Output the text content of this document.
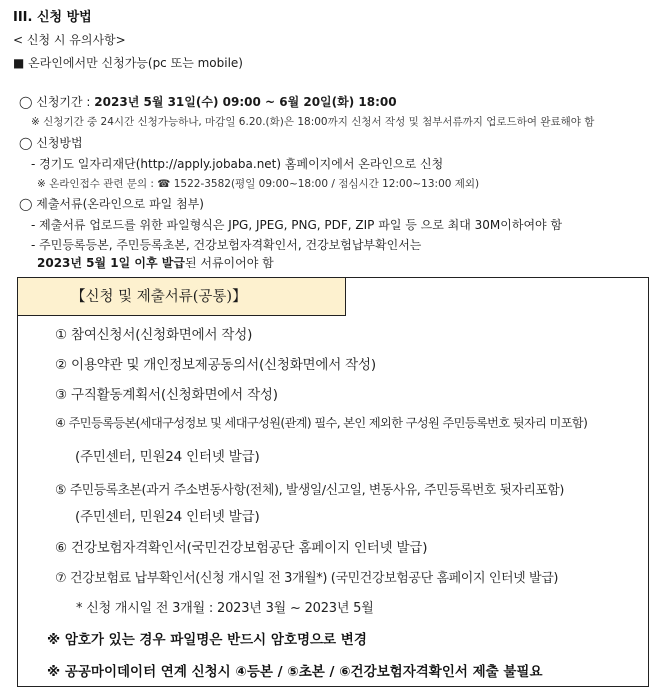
III. 신청 방법
< 신청 시 유의사항>
■ 온라인에서만 신청가능(pc 또는 mobile)
◯ 신청기간 : 2023년 5월 31일(수) 09:00 ~ 6월 20일(화) 18:00
※ 신청기간 중 24시간 신청가능하나, 마감일 6.20.(화)은 18:00까지 신청서 작성 및 첨부서류까지 업로드하여 완료해야 함
◯ 신청방법
- 경기도 일자리재단(http://apply.jobaba.net) 홈페이지에서 온라인으로 신청
※ 온라인접수 관련 문의 : ☎ 1522-3582(평일 09:00~18:00 / 점심시간 12:00~13:00 제외)
◯ 제출서류(온라인으로 파일 첨부)
- 제출서류 업로드를 위한 파일형식은 JPG, JPEG, PNG, PDF, ZIP 파일 등 으로 최대 30M이하여야 함
- 주민등록등본, 주민등록초본, 건강보험자격확인서, 건강보험납부확인서는
2023년 5월 1일 이후 발급된 서류이어야 함
【신청 및 제출서류(공통)】
① 참여신청서(신청화면에서 작성)
② 이용약관 및 개인정보제공동의서(신청화면에서 작성)
③ 구직활동계획서(신청화면에서 작성)
④ 주민등록등본(세대구성정보 및 세대구성원(관계) 필수, 본인 제외한 구성원 주민등록번호 뒷자리 미포함)
(주민센터, 민원24 인터넷 발급)
⑤ 주민등록초본(과거 주소변동사항(전체), 발생일/신고일, 변동사유, 주민등록번호 뒷자리포함)
(주민센터, 민원24 인터넷 발급)
⑥ 건강보험자격확인서(국민건강보험공단 홈페이지 인터넷 발급)
⑦ 건강보험료 납부확인서(신청 개시일 전 3개월*) (국민건강보험공단 홈페이지 인터넷 발급)
* 신청 개시일 전 3개월 : 2023년 3월 ~ 2023년 5월
※ 암호가 있는 경우 파일명은 반드시 암호명으로 변경
※ 공공마이데이터 연계 신청시 ④등본 / ⑤초본 / ⑥건강보험자격확인서 제출 불필요
